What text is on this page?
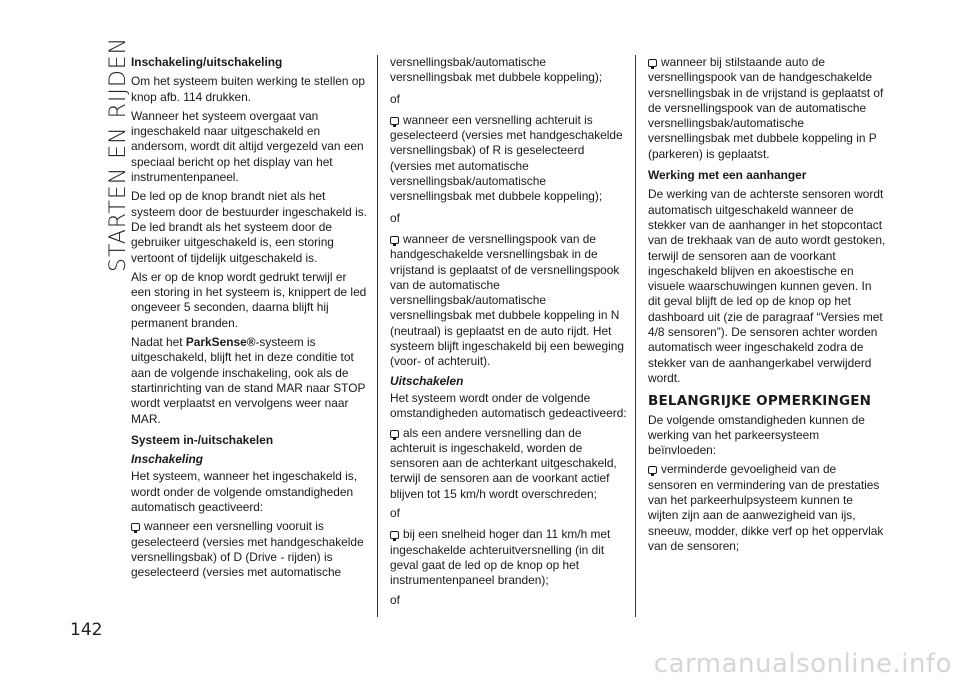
STARTEN EN RIJDEN Inschakeling/uitschakeling
Om het systeem buiten werking te stellen op knop afb. 114 drukken.
Wanneer het systeem overgaat van ingeschakeld naar uitgeschakeld en andersom, wordt dit altijd vergezeld van een speciaal bericht op het display van het instrumentenpaneel.
De led op de knop brandt niet als het systeem door de bestuurder ingeschakeld is. De led brandt als het systeem door de gebruiker uitgeschakeld is, een storing vertoont of tijdelijk uitgeschakeld is.
Als er op de knop wordt gedrukt terwijl er een storing in het systeem is, knippert de led ongeveer 5 seconden, daarna blijft hij permanent branden.
Nadat het ParkSense®-systeem is uitgeschakeld, blijft het in deze conditie tot aan de volgende inschakeling, ook als de startinrichting van de stand MAR naar STOP wordt verplaatst en vervolgens weer naar MAR.
Systeem in-/uitschakelen
Inschakeling
Het systeem, wanneer het ingeschakeld is, wordt onder de volgende omstandigheden automatisch geactiveerd:
wanneer een versnelling vooruit is geselecteerd (versies met handgeschakelde versnellingsbak) of D (Drive - rijden) is geselecteerd (versies met automatische
versnellingsbak/automatische versnellingsbak met dubbele koppeling);
of
wanneer een versnelling achteruit is geselecteerd (versies met handgeschakelde versnellingsbak) of R is geselecteerd (versies met automatische versnellingsbak/automatische versnellingsbak met dubbele koppeling);
of
wanneer de versnellingspook van de handgeschakelde versnellingsbak in de vrijstand is geplaatst of de versnellingspook van de automatische versnellingsbak/automatische versnellingsbak met dubbele koppeling in N (neutraal) is geplaatst en de auto rijdt. Het systeem blijft ingeschakeld bij een beweging (voor- of achteruit).
Uitschakelen
Het systeem wordt onder de volgende omstandigheden automatisch gedeactiveerd:
als een andere versnelling dan de achteruit is ingeschakeld, worden de sensoren aan de achterkant uitgeschakeld, terwijl de sensoren aan de voorkant actief blijven tot 15 km/h wordt overschreden;
of
bij een snelheid hoger dan 11 km/h met ingeschakelde achteruitversnelling (in dit geval gaat de led op de knop op het instrumentenpaneel branden);
of
wanneer bij stilstaande auto de versnellingspook van de handgeschakelde versnellingsbak in de vrijstand is geplaatst of de versnellingspook van de automatische versnellingsbak/automatische versnellingsbak met dubbele koppeling in P (parkeren) is geplaatst.
Werking met een aanhanger
De werking van de achterste sensoren wordt automatisch uitgeschakeld wanneer de stekker van de aanhanger in het stopcontact van de trekhaak van de auto wordt gestoken, terwijl de sensoren aan de voorkant ingeschakeld blijven en akoestische en visuele waarschuwingen kunnen geven. In dit geval blijft de led op de knop op het dashboard uit (zie de paragraaf “Versies met 4/8 sensoren”). De sensoren achter worden automatisch weer ingeschakeld zodra de stekker van de aanhangerkabel verwijderd wordt.
BELANGRIJKE OPMERKINGEN
De volgende omstandigheden kunnen de werking van het parkeersysteem beïnvloeden:
verminderde gevoeligheid van de sensoren en vermindering van de prestaties van het parkeerhulpsysteem kunnen te wijten zijn aan de aanwezigheid van ijs, sneeuw, modder, dikke verf op het oppervlak van de sensoren;
142
carmanualsonline.info
